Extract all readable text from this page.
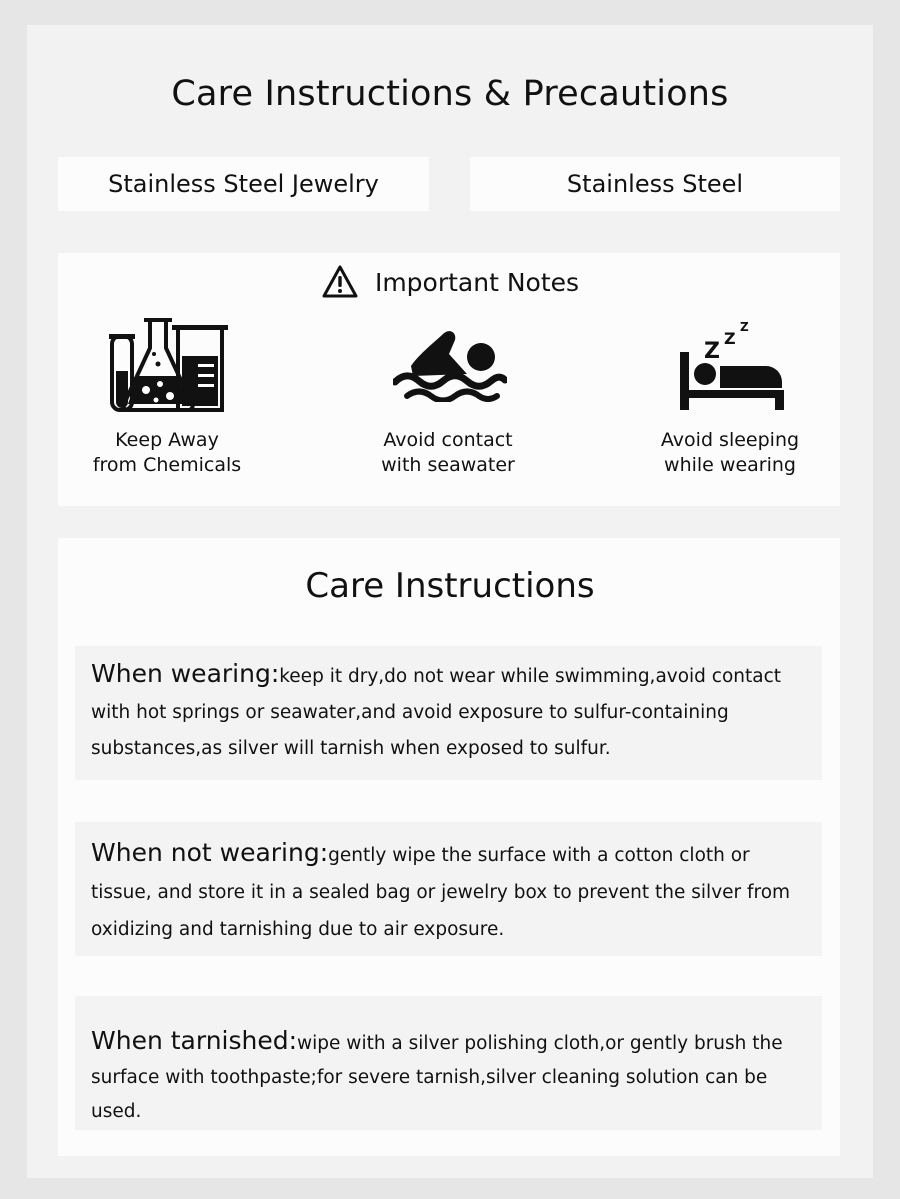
Care Instructions & Precautions
Stainless Steel Jewelry	Stainless Steel
Important Notes
Keep Away
from Chemicals
Avoid contact
with seawater
Z
Z
Z
Avoid sleeping
while wearing
Care Instructions

When wearing:keep it dry,do not wear while swimming,avoid contact with hot springs or seawater,and avoid exposure to sulfur-containing substances,as silver will tarnish when exposed to sulfur.

When not wearing:gently wipe the surface with a cotton cloth or tissue, and store it in a sealed bag or jewelry box to prevent the silver from oxidizing and tarnishing due to air exposure.

When tarnished:wipe with a silver polishing cloth,or gently brush the surface with toothpaste;for severe tarnish,silver cleaning solution can be used.
